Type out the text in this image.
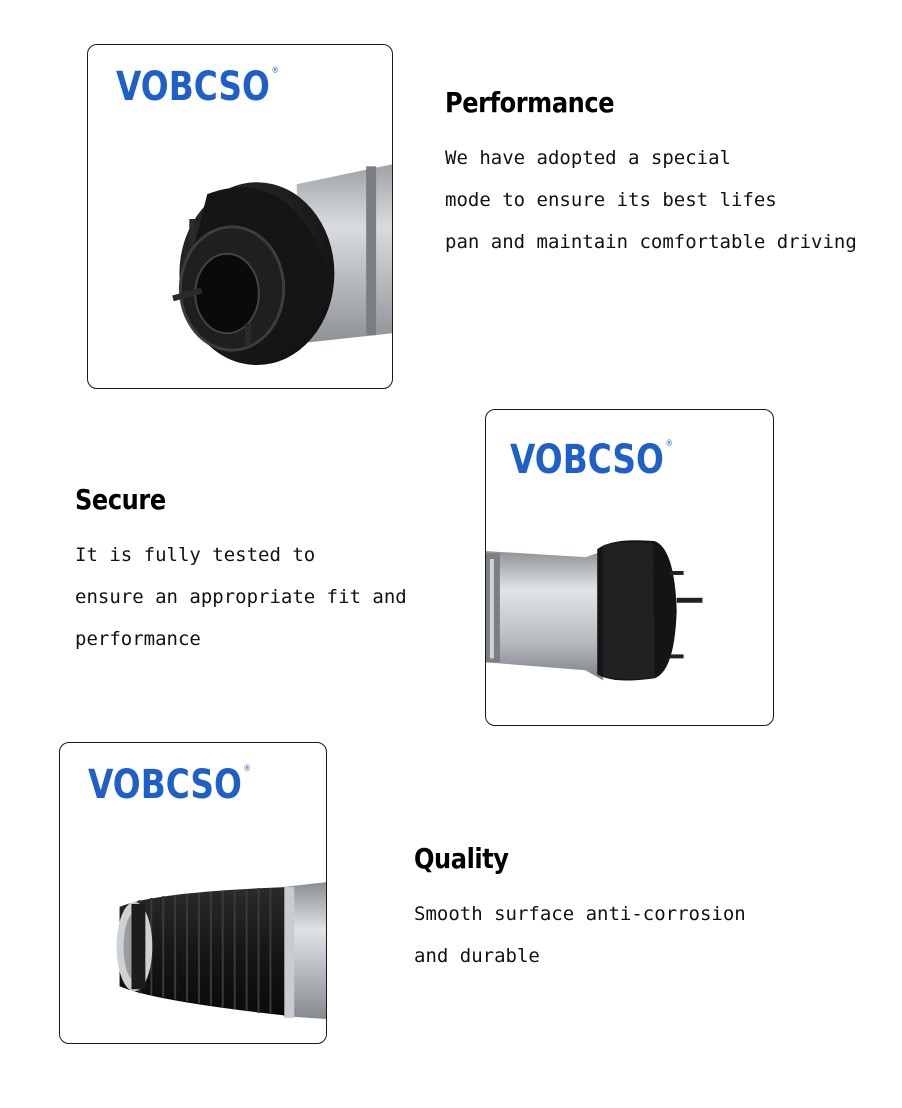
VOBCSO ®
Performance

We have adopted a special

mode to ensure its best lifes

pan and maintain comfortable driving

Secure

It is fully tested to

ensure an appropriate fit and

performance

VOBCSO ®
VOBCSO ®
Quality

Smooth surface anti-corrosion

and durable
